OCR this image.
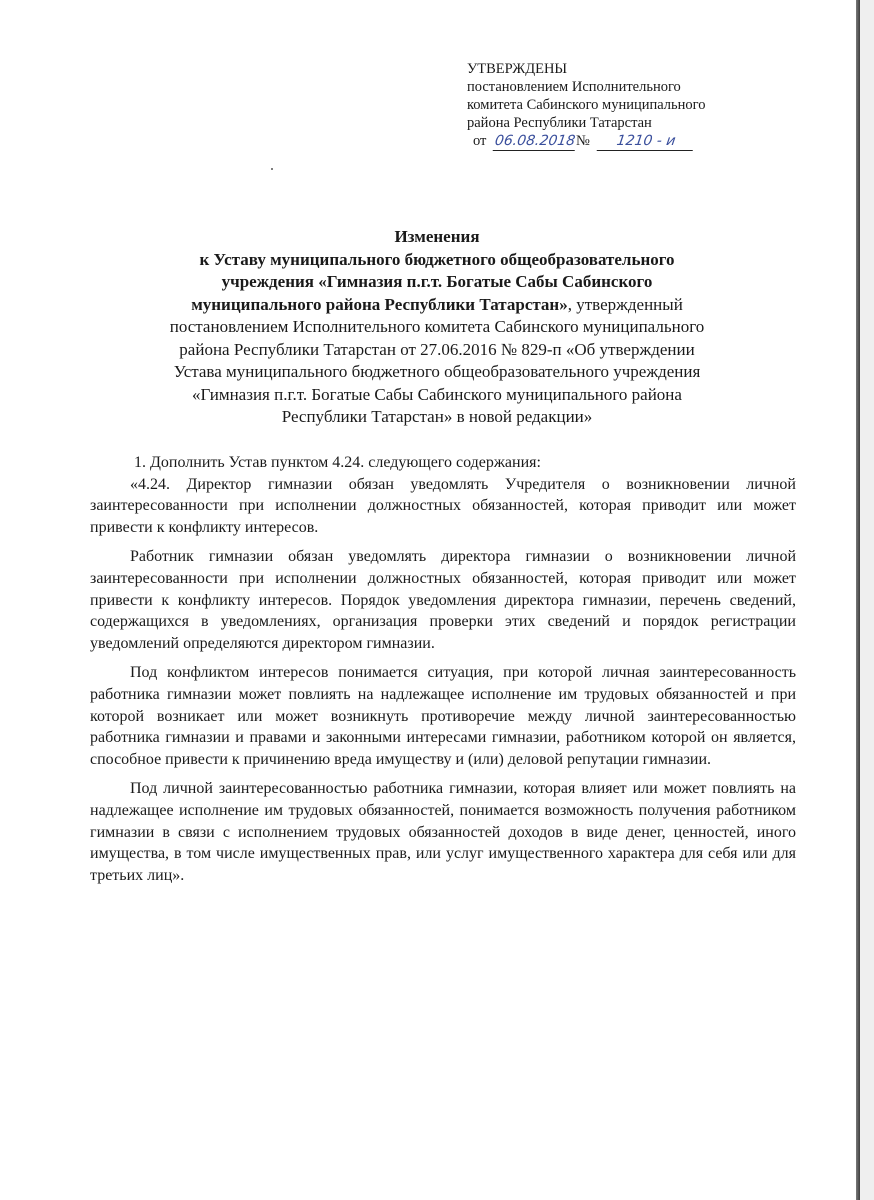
УТВЕРЖДЕНЫ
постановлением Исполнительного
комитета Сабинского муниципального
района Республики Татарстан
от 06.08.2018№ 1210 - и
Изменения
к Уставу муниципального бюджетного общеобразовательного
учреждения «Гимназия п.г.т. Богатые Сабы Сабинского
муниципального района Республики Татарстан», утвержденный
постановлением Исполнительного комитета Сабинского муниципального
района Республики Татарстан от 27.06.2016 № 829-п «Об утверждении
Устава муниципального бюджетного общеобразовательного учреждения
«Гимназия п.г.т. Богатые Сабы Сабинского муниципального района
Республики Татарстан» в новой редакции»

1. Дополнить Устав пунктом 4.24. следующего содержания:

«4.24. Директор гимназии обязан уведомлять Учредителя о возникновении личной заинтересованности при исполнении должностных обязанностей, которая приводит или может привести к конфликту интересов.

Работник гимназии обязан уведомлять директора гимназии о возникновении личной заинтересованности при исполнении должностных обязанностей, которая приводит или может привести к конфликту интересов. Порядок уведомления директора гимназии, перечень сведений, содержащихся в уведомлениях, организация проверки этих сведений и порядок регистрации уведомлений определяются директором гимназии.

Под конфликтом интересов понимается ситуация, при которой личная заинтересованность работника гимназии может повлиять на надлежащее исполнение им трудовых обязанностей и при которой возникает или может возникнуть противоречие между личной заинтересованностью работника гимназии и правами и законными интересами гимназии, работником которой он является, способное привести к причинению вреда имуществу и (или) деловой репутации гимназии.

Под личной заинтересованностью работника гимназии, которая влияет или может повлиять на надлежащее исполнение им трудовых обязанностей, понимается возможность получения работником гимназии в связи с исполнением трудовых обязанностей доходов в виде денег, ценностей, иного имущества, в том числе имущественных прав, или услуг имущественного характера для себя или для третьих лиц».
